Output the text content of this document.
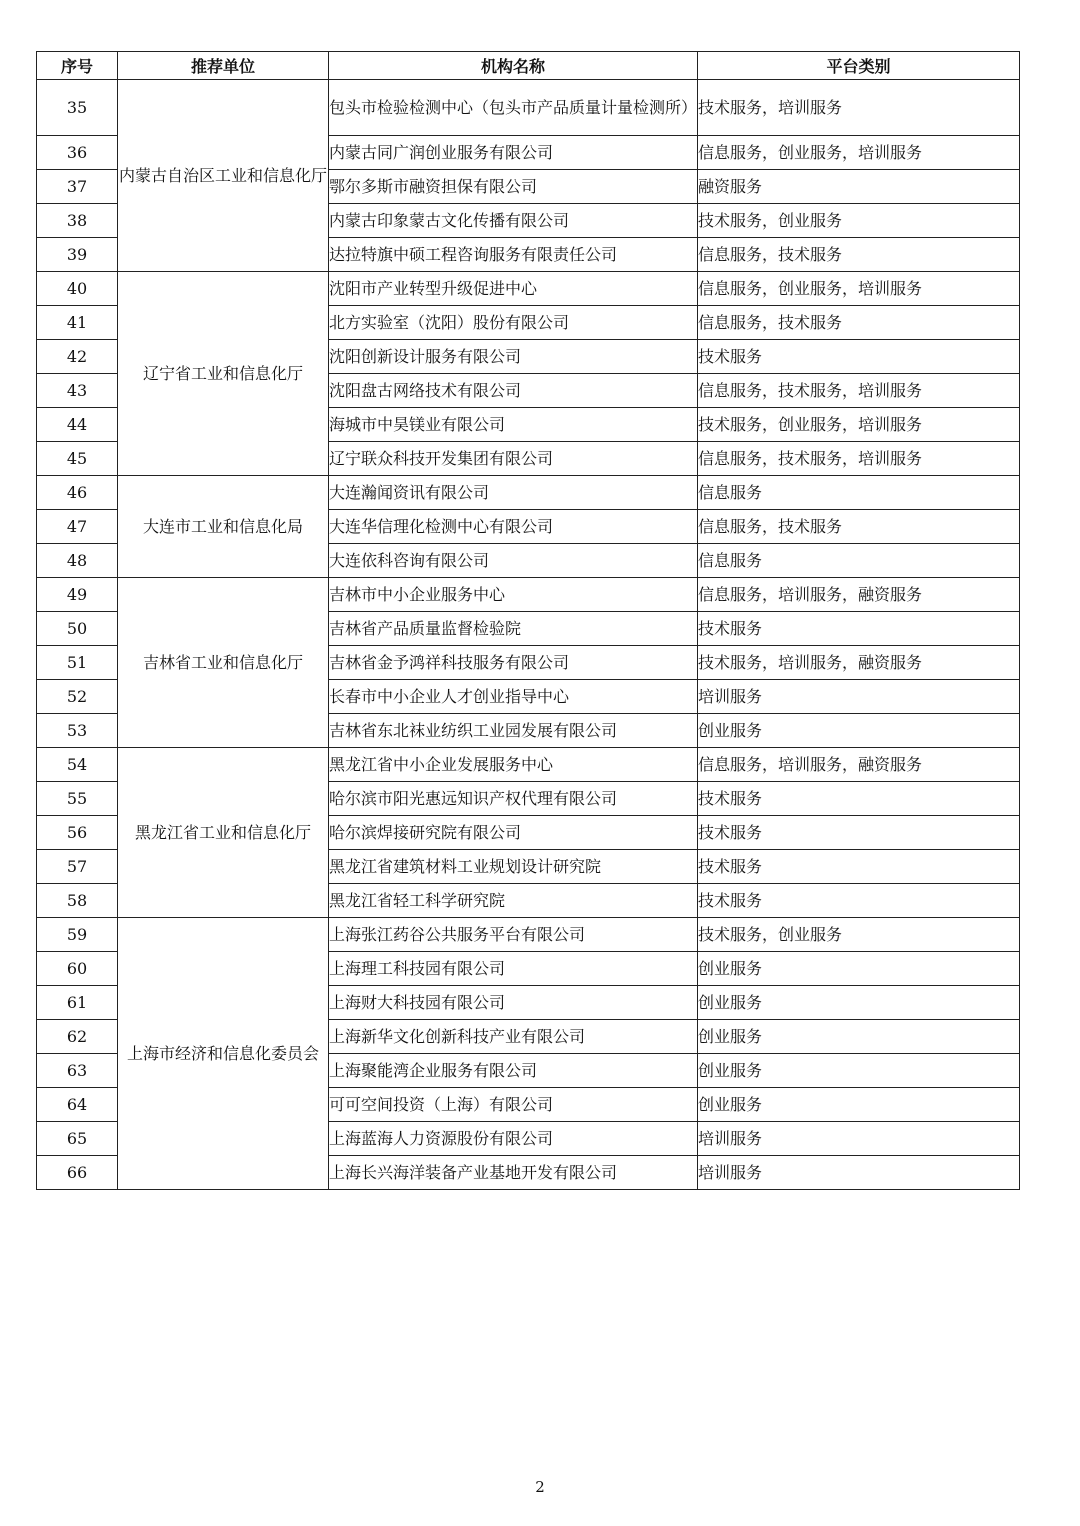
序号	推荐单位	机构名称	平台类别
35	内蒙古自治区工业和信息化厅	包头市检验检测中心（包头市产品质量计量检测所）	技术服务，培训服务
36		内蒙古同广润创业服务有限公司	信息服务，创业服务，培训服务
37		鄂尔多斯市融资担保有限公司	融资服务
38		内蒙古印象蒙古文化传播有限公司	技术服务，创业服务
39		达拉特旗中硕工程咨询服务有限责任公司	信息服务，技术服务
40	辽宁省工业和信息化厅	沈阳市产业转型升级促进中心	信息服务，创业服务，培训服务
41		北方实验室（沈阳）股份有限公司	信息服务，技术服务
42		沈阳创新设计服务有限公司	技术服务
43		沈阳盘古网络技术有限公司	信息服务，技术服务，培训服务
44		海城市中昊镁业有限公司	技术服务，创业服务，培训服务
45		辽宁联众科技开发集团有限公司	信息服务，技术服务，培训服务
46	大连市工业和信息化局	大连瀚闻资讯有限公司	信息服务
47		大连华信理化检测中心有限公司	信息服务，技术服务
48		大连依科咨询有限公司	信息服务
49	吉林省工业和信息化厅	吉林市中小企业服务中心	信息服务，培训服务，融资服务
50		吉林省产品质量监督检验院	技术服务
51		吉林省金予鸿祥科技服务有限公司	技术服务，培训服务，融资服务
52		长春市中小企业人才创业指导中心	培训服务
53		吉林省东北袜业纺织工业园发展有限公司	创业服务
54	黑龙江省工业和信息化厅	黑龙江省中小企业发展服务中心	信息服务，培训服务，融资服务
55		哈尔滨市阳光惠远知识产权代理有限公司	技术服务
56		哈尔滨焊接研究院有限公司	技术服务
57		黑龙江省建筑材料工业规划设计研究院	技术服务
58		黑龙江省轻工科学研究院	技术服务
59	上海市经济和信息化委员会	上海张江药谷公共服务平台有限公司	技术服务，创业服务
60		上海理工科技园有限公司	创业服务
61		上海财大科技园有限公司	创业服务
62		上海新华文化创新科技产业有限公司	创业服务
63		上海聚能湾企业服务有限公司	创业服务
64		可可空间投资（上海）有限公司	创业服务
65		上海蓝海人力资源股份有限公司	培训服务
66		上海长兴海洋装备产业基地开发有限公司	培训服务
2
